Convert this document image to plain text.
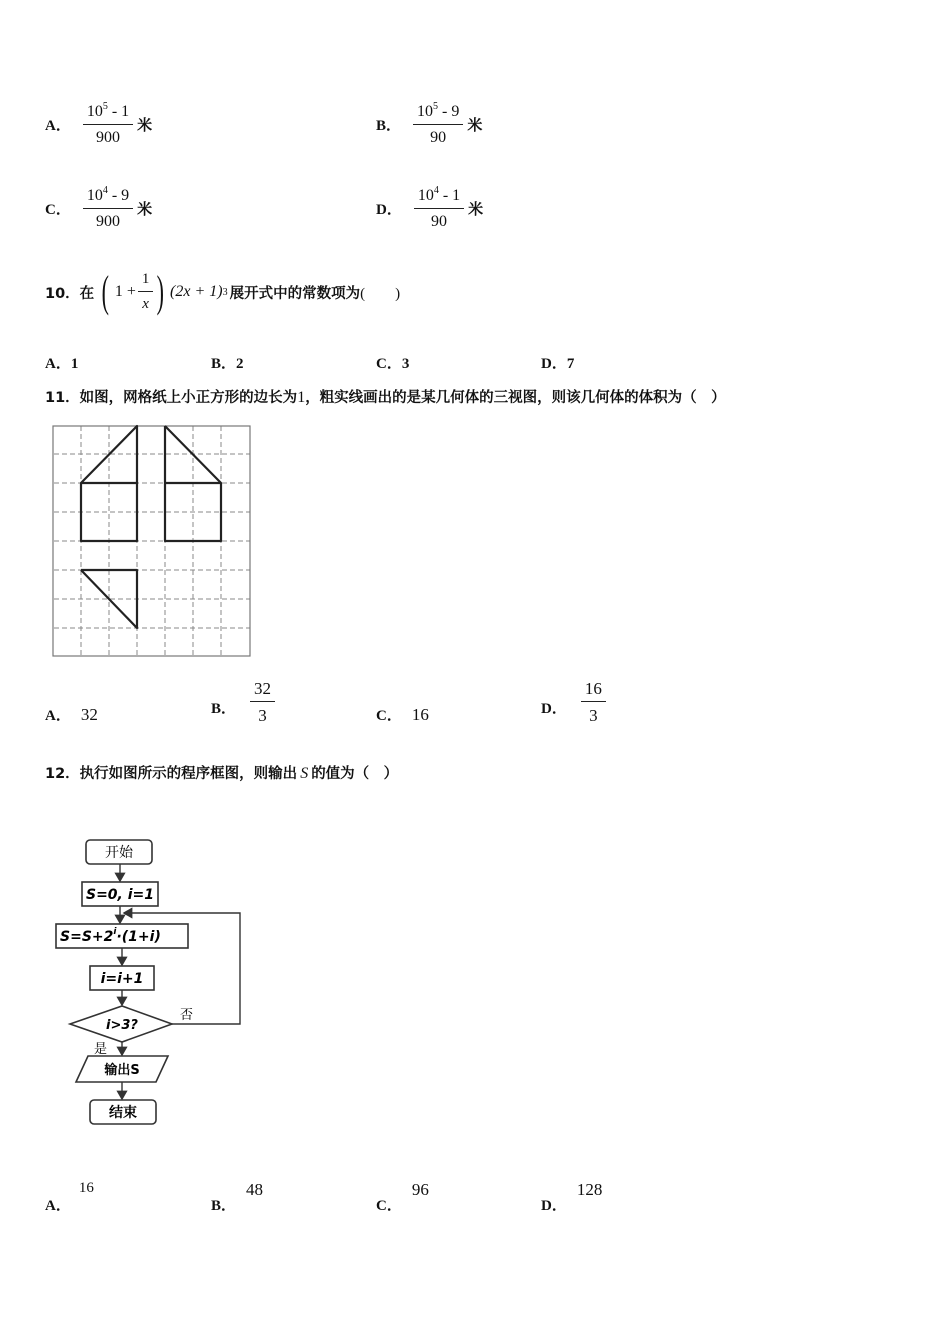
A． $\frac{10^5 - 1}{900}$ 米	B． $\frac{10^5 - 9}{90}$ 米
C． $\frac{10^4 - 9}{900}$ 米	D． $\frac{10^4 - 1}{90}$ 米
10．在 ( $1 + \frac{1}{x}$ ) (2x + 1) 3 展开式中的常数项为 (　　)
A．1	B．2	C．3	D．7
11．如图，网格纸上小正方形的边长为1，粗实线画出的是某几何体的三视图，则该几何体的体积为（　）
A． 32	B． $\frac{32}{3}$	C． 16	D． $\frac{16}{3}$
12．执行如图所示的程序框图，则输出 S 的值为（　）
开始
S=0, i=1
$S=S+2^i\cdot(1+i)$
i=i+1
i>3?
否
是
输出S
结束
A．
16
B．
48
C．
96
D．
128
